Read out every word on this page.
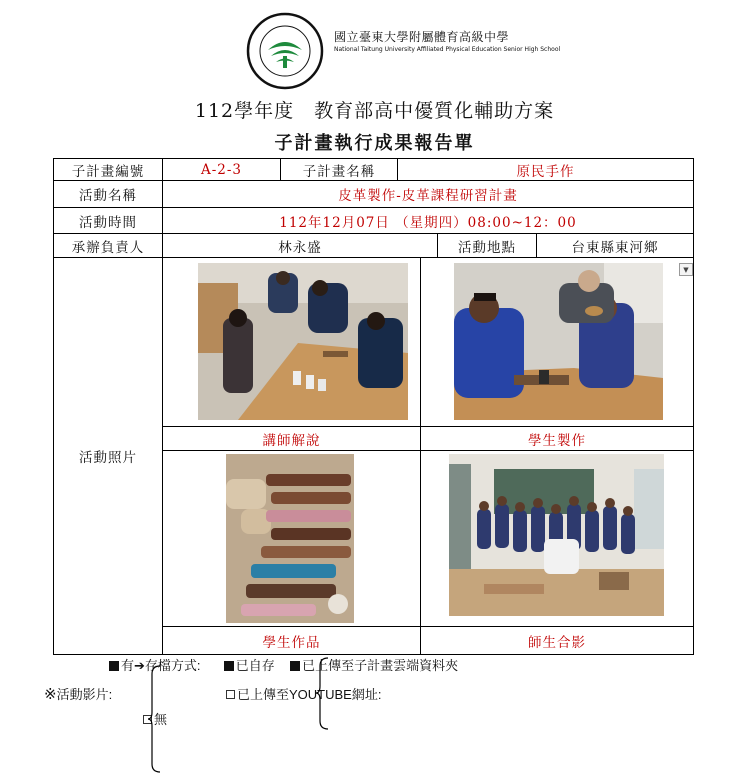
國立臺東大學附屬體育高級中學
National Taitung University Affiliated Physical Education Senior High School
112學年度　教育部高中優質化輔助方案
子計畫執行成果報告單
子計畫編號	A-2-3	子計畫名稱	原民手作
活動名稱	皮革製作-皮革課程研習計畫
活動時間	112年12月07日 （星期四）08:00~12：00
承辦負責人	林永盛	活動地點	台東縣東河鄉
活動照片
講師解說	學生製作
學生作品	師生合影
▼
有➔存檔方式:	已自存 已上傳至子計畫雲端資料夾
※活動影片:	已上傳至YOUTUBE網址:
無
